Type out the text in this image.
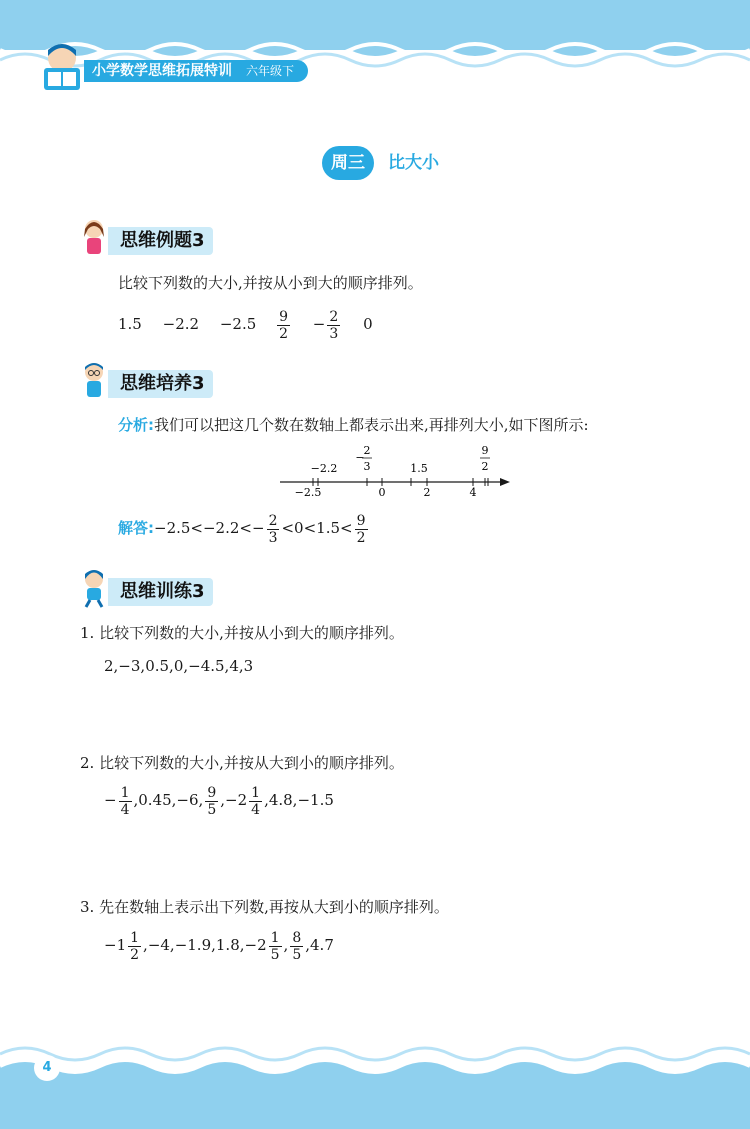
小学数学思维拓展特训 六年级下
周三	比大小
思维例题3
比较下列数的大小,并按从小到大的顺序排列。
$1.5 -2.2 -2.5 \frac{9}{2} - \frac{2}{3} 0$
思维培养3
分析:我们可以把这几个数在数轴上都表示出来,再排列大小,如下图所示:
−2.2
−
2
3	1.5
9
2
−2.5	0	2	4
解答:−2.5<−2.2<− $\frac{2}{3} <0<1.5< \frac{9}{2}$
思维训练3
1. 比较下列数的大小,并按从小到大的顺序排列。
2,−3,0.5,0,−4.5,4,3
2. 比较下列数的大小,并按从大到小的顺序排列。
− $\frac{1}{4} ,0.45,-6$, $\frac{9}{5} ,-2 \frac{1}{4} ,4.8,-1.5$
3. 先在数轴上表示出下列数,再按从大到小的顺序排列。
$-1 \frac{1}{2} ,-4,-1.9,1.8,-2 \frac{1}{5}$ , $\frac{8}{5} ,4.7$
4
